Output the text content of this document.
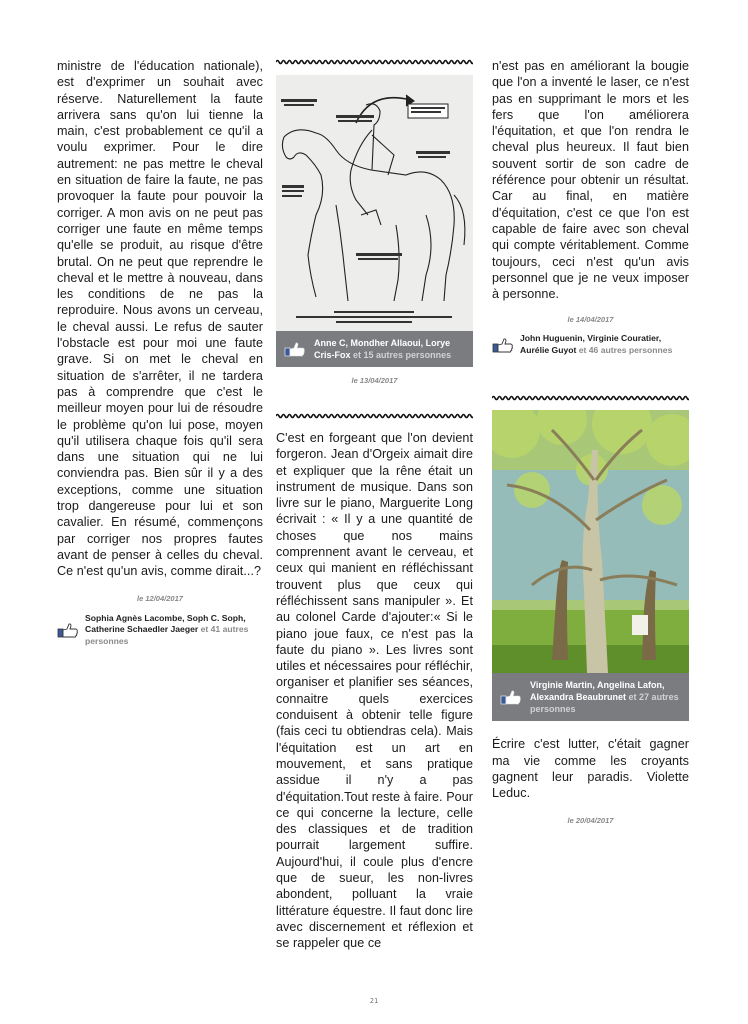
ministre de l'éducation nationale), est d'exprimer un souhait avec réserve. Naturellement la faute arrivera sans qu'on lui tienne la main, c'est probablement ce qu'il a voulu exprimer. Pour le dire autrement: ne pas mettre le cheval en situation de faire la faute, ne pas provoquer la faute pour pouvoir la corriger. A mon avis on ne peut pas corriger une faute en même temps qu'elle se produit, au risque d'être brutal. On ne peut que reprendre le cheval et le mettre à nouveau, dans les conditions de ne pas la reproduire. Nous avons un cerveau, le cheval aussi. Le refus de sauter l'obstacle est pour moi une faute grave. Si on met le cheval en situation de s'arrêter, il ne tardera pas à comprendre que c'est le meilleur moyen pour lui de résoudre le problème qu'on lui pose, moyen qu'il utilisera chaque fois qu'il sera dans une situation qui ne lui conviendra pas. Bien sûr il y a des exceptions, comme une situation trop dangereuse pour lui et son cavalier. En résumé, commençons par corriger nos propres fautes avant de penser à celles du cheval. Ce n'est qu'un avis, comme dirait...?

le 12/04/2017

Sophia Agnès Lacombe, Soph C. Soph, Catherine Schaedler Jaeger et 41 autres personnes
Anne C, Mondher Allaoui, Lorye Cris-Fox et 15 autres personnes

le 13/04/2017

C'est en forgeant que l'on devient forgeron. Jean d'Orgeix aimait dire et expliquer que la rêne était un instrument de musique. Dans son livre sur le piano, Marguerite Long écrivait : « Il y a une quantité de choses que nos mains comprennent avant le cerveau, et ceux qui manient en réfléchissant trouvent plus que ceux qui réfléchissent sans manipuler ». Et au colonel Carde d'ajouter:« Si le piano joue faux, ce n'est pas la faute du piano ». Les livres sont utiles et nécessaires pour réfléchir, organiser et planifier ses séances, connaitre quels exercices conduisent à obtenir telle figure (fais ceci tu obtiendras cela). Mais l'équitation est un art en mouvement, et sans pratique assidue il n'y a pas d'équitation.Tout reste à faire. Pour ce qui concerne la lecture, celle des classiques et de tradition pourrait largement suffire. Aujourd'hui, il coule plus d'encre que de sueur, les non-livres abondent, polluant la vraie littérature équestre. Il faut donc lire avec discernement et réflexion et se rappeler que ce

n'est pas en améliorant la bougie que l'on a inventé le laser, ce n'est pas en supprimant le mors et les fers que l'on améliorera l'équitation, et que l'on rendra le cheval plus heureux. Il faut bien souvent sortir de son cadre de référence pour obtenir un résultat. Car au final, en matière d'équitation, c'est ce que l'on est capable de faire avec son cheval qui compte véritablement. Comme toujours, ceci n'est qu'un avis personnel que je ne veux imposer à personne.

le 14/04/2017

John Huguenin, Virginie Couratier, Aurélie Guyot et 46 autres personnes
Virginie Martin, Angelina Lafon, Alexandra Beaubrunet et 27 autres personnes

Écrire c'est lutter, c'était gagner ma vie comme les croyants gagnent leur paradis. Violette Leduc.

le 20/04/2017

21
